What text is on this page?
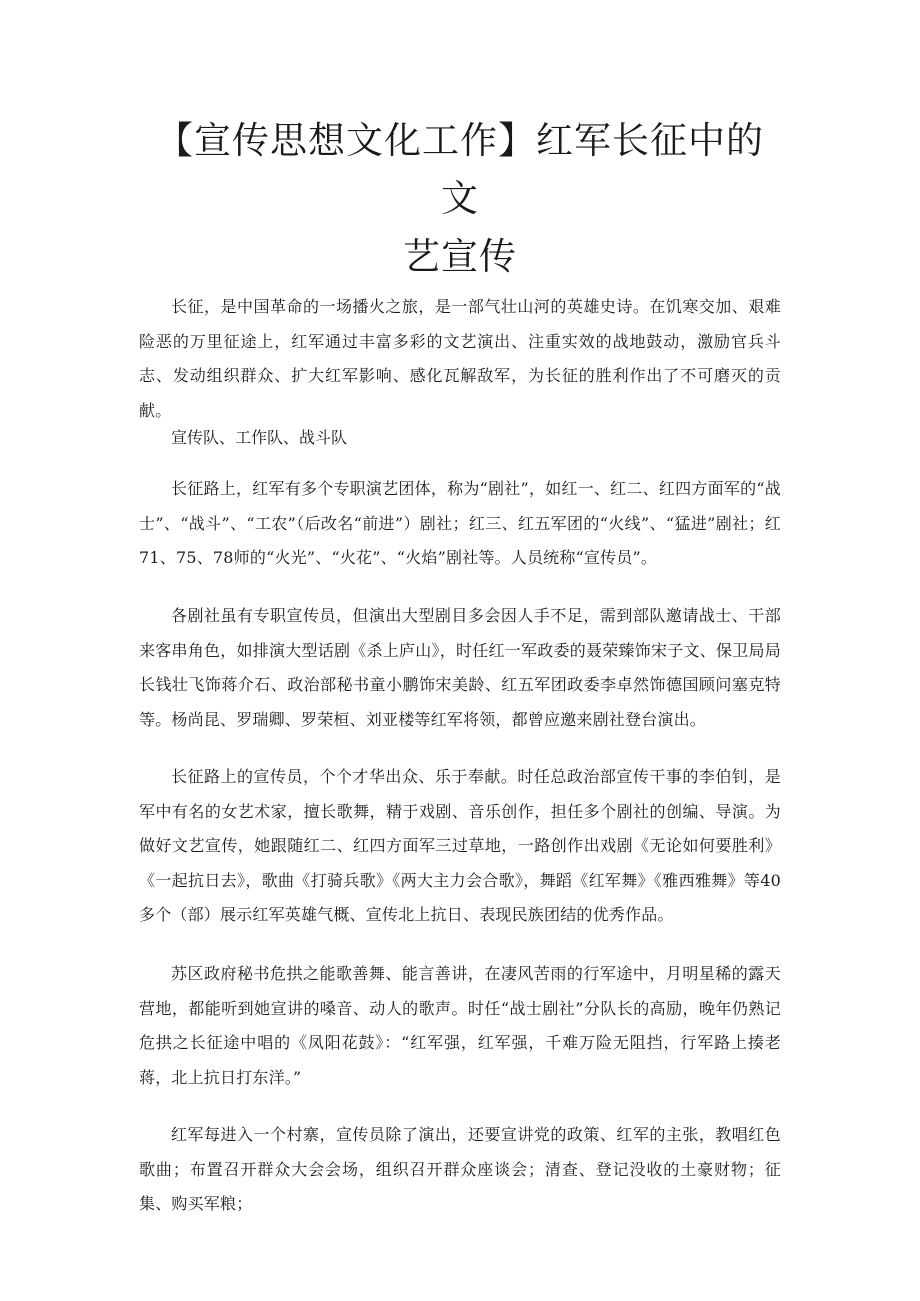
【宣传思想文化工作】红军长征中的文
艺宣传

长征，是中国革命的一场播火之旅，是一部气壮山河的英雄史诗。在饥寒交加、艰难险恶的万里征途上，红军通过丰富多彩的文艺演出、注重实效的战地鼓动，激励官兵斗志、发动组织群众、扩大红军影响、感化瓦解敌军，为长征的胜利作出了不可磨灭的贡献。

宣传队、工作队、战斗队

长征路上，红军有多个专职演艺团体，称为“剧社”，如红一、红二、红四方面军的“战士”、“战斗”、“工农”（后改名“前进”）剧社；红三、红五军团的“火线”、“猛进”剧社；红71、75、78师的“火光”、“火花”、“火焰”剧社等。人员统称“宣传员”。

各剧社虽有专职宣传员，但演出大型剧目多会因人手不足，需到部队邀请战士、干部来客串角色，如排演大型话剧《杀上庐山》，时任红一军政委的聂荣臻饰宋子文、保卫局局长钱壮飞饰蒋介石、政治部秘书童小鹏饰宋美龄、红五军团政委李卓然饰德国顾问塞克特等。杨尚昆、罗瑞卿、罗荣桓、刘亚楼等红军将领，都曾应邀来剧社登台演出。

长征路上的宣传员，个个才华出众、乐于奉献。时任总政治部宣传干事的李伯钊，是军中有名的女艺术家，擅长歌舞，精于戏剧、音乐创作，担任多个剧社的创编、导演。为做好文艺宣传，她跟随红二、红四方面军三过草地，一路创作出戏剧《无论如何要胜利》《一起抗日去》，歌曲《打骑兵歌》《两大主力会合歌》，舞蹈《红军舞》《雅西雅舞》等40多个（部）展示红军英雄气概、宣传北上抗日、表现民族团结的优秀作品。

苏区政府秘书危拱之能歌善舞、能言善讲，在凄风苦雨的行军途中，月明星稀的露天营地，都能听到她宣讲的嗓音、动人的歌声。时任“战士剧社”分队长的高励，晚年仍熟记危拱之长征途中唱的《凤阳花鼓》：“红军强，红军强，千难万险无阻挡，行军路上揍老蒋，北上抗日打东洋。”

红军每进入一个村寨，宣传员除了演出，还要宣讲党的政策、红军的主张，教唱红色歌曲；布置召开群众大会会场，组织召开群众座谈会；清查、登记没收的土豪财物；征集、购买军粮；
